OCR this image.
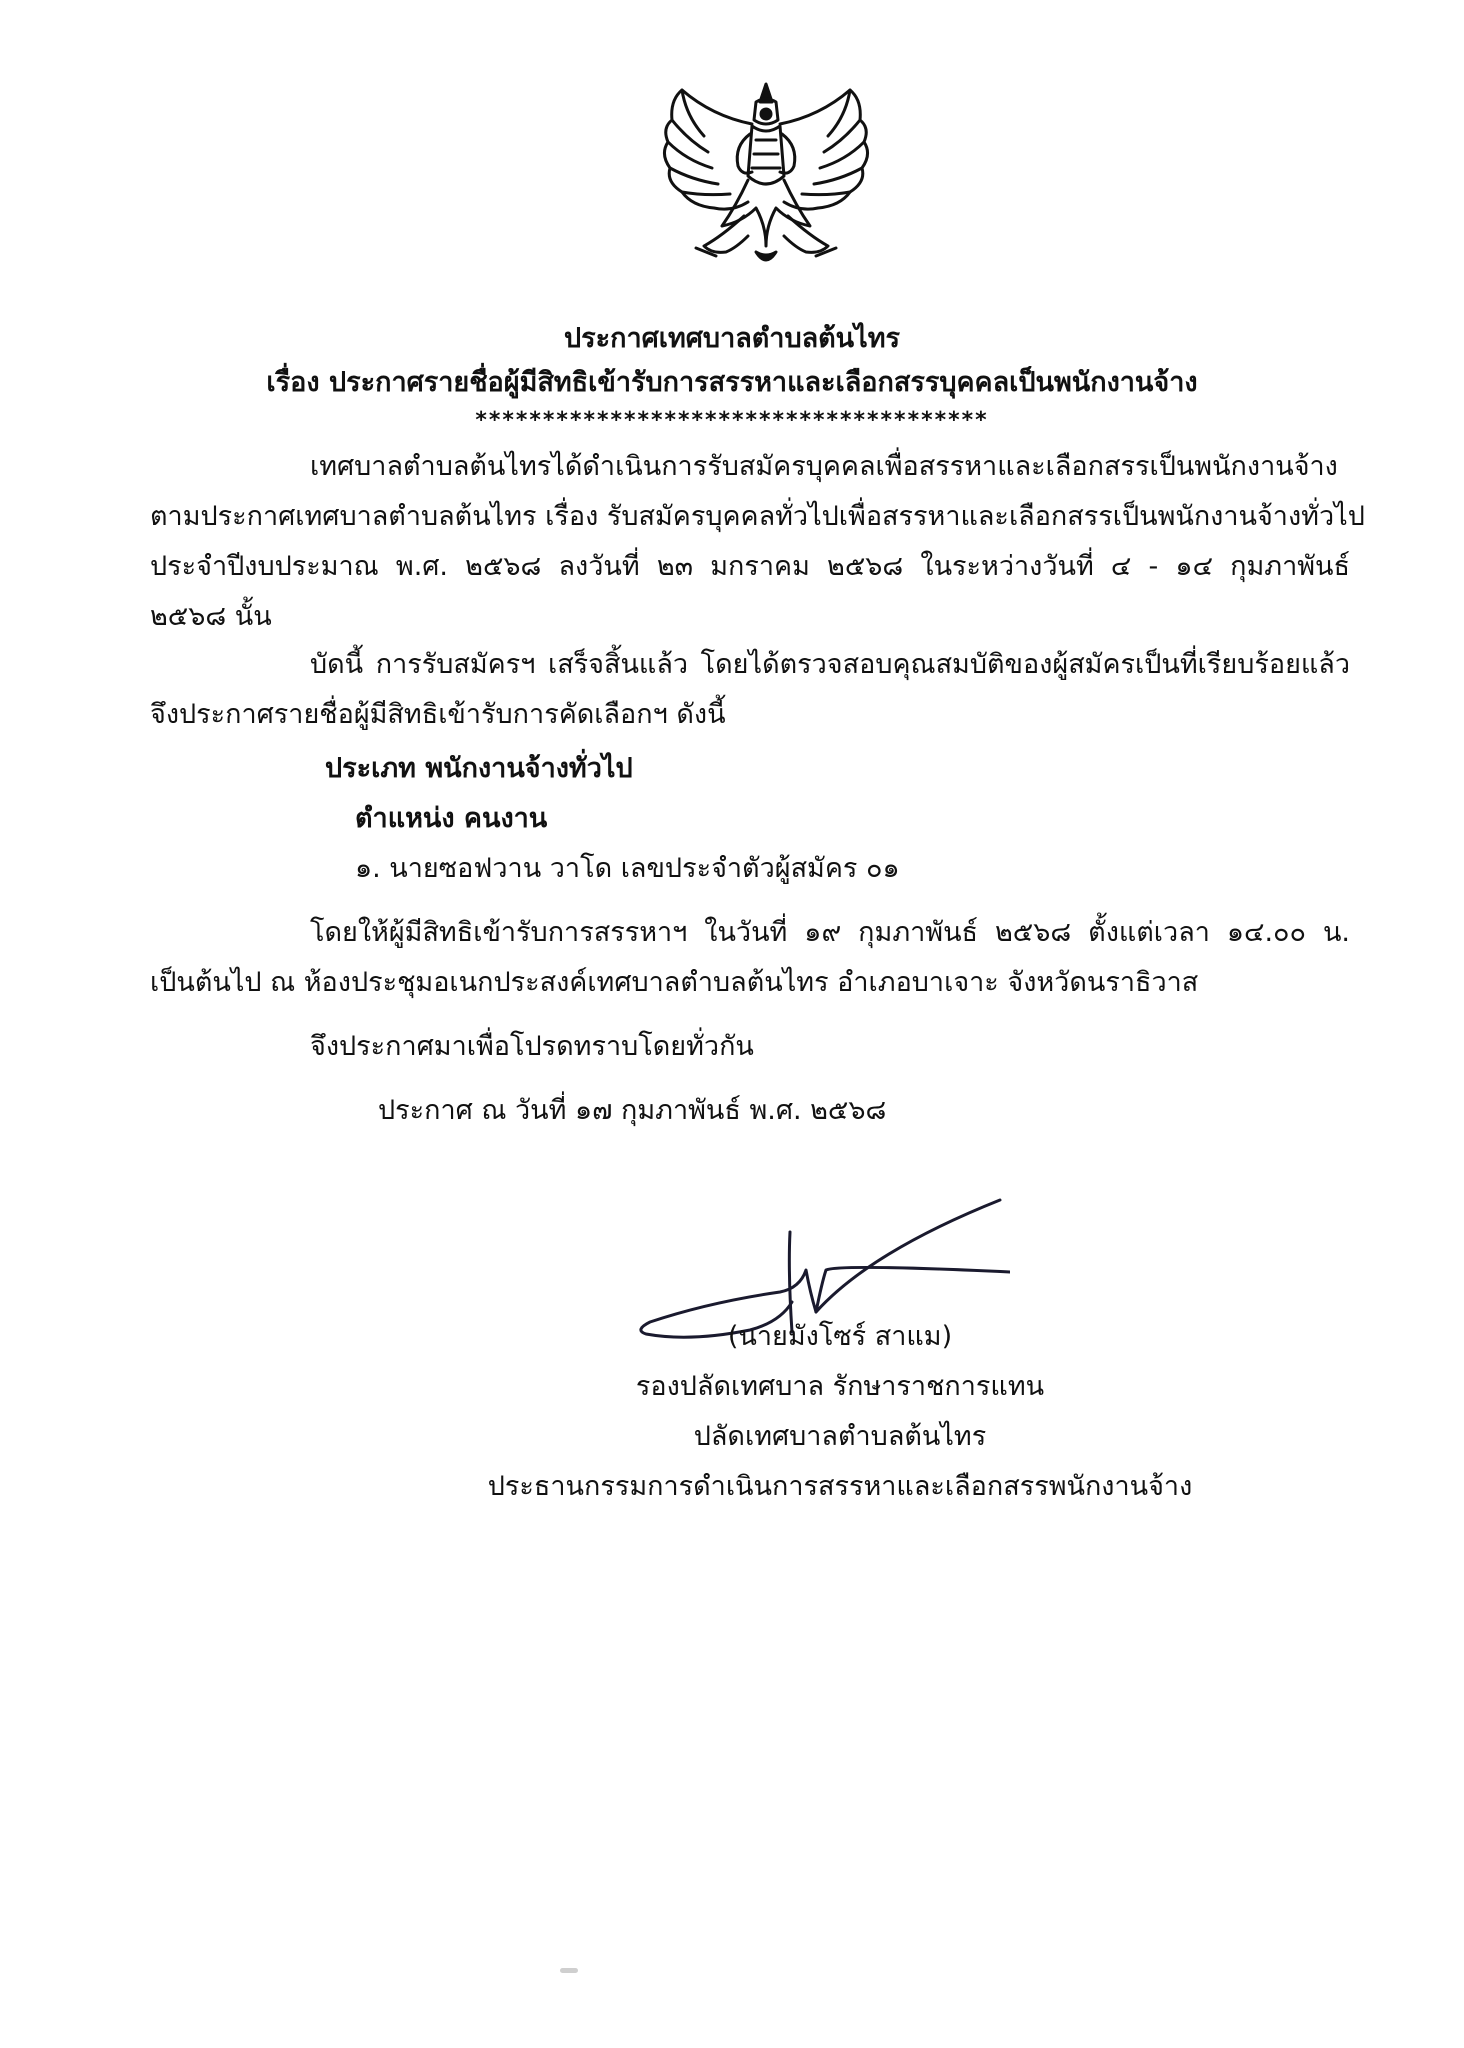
ประกาศเทศบาลตำบลต้นไทร
เรื่อง ประกาศรายชื่อผู้มีสิทธิเข้ารับการสรรหาและเลือกสรรบุคคลเป็นพนักงานจ้าง
**************************************
เทศบาลตำบลต้นไทรได้ดำเนินการรับสมัครบุคคลเพื่อสรรหาและเลือกสรรเป็นพนักงานจ้าง
ตามประกาศเทศบาลตำบลต้นไทร เรื่อง รับสมัครบุคคลทั่วไปเพื่อสรรหาและเลือกสรรเป็นพนักงานจ้างทั่วไป
ประจำปีงบประมาณ พ.ศ. ๒๕๖๘ ลงวันที่ ๒๓ มกราคม ๒๕๖๘ ในระหว่างวันที่ ๔ - ๑๔ กุมภาพันธ์
๒๕๖๘ นั้น
บัดนี้ การรับสมัครฯ เสร็จสิ้นแล้ว โดยได้ตรวจสอบคุณสมบัติของผู้สมัครเป็นที่เรียบร้อยแล้ว
จึงประกาศรายชื่อผู้มีสิทธิเข้ารับการคัดเลือกฯ ดังนี้
ประเภท พนักงานจ้างทั่วไป
ตำแหน่ง คนงาน
๑. นายซอฟวาน วาโด เลขประจำตัวผู้สมัคร ๐๑
โดยให้ผู้มีสิทธิเข้ารับการสรรหาฯ ในวันที่ ๑๙ กุมภาพันธ์ ๒๕๖๘ ตั้งแต่เวลา ๑๔.๐๐ น.
เป็นต้นไป ณ ห้องประชุมอเนกประสงค์เทศบาลตำบลต้นไทร อำเภอบาเจาะ จังหวัดนราธิวาส
จึงประกาศมาเพื่อโปรดทราบโดยทั่วกัน
ประกาศ ณ วันที่ ๑๗ กุมภาพันธ์ พ.ศ. ๒๕๖๘
(นายมังโซร์ สาแม)
รองปลัดเทศบาล รักษาราชการแทน
ปลัดเทศบาลตำบลต้นไทร
ประธานกรรมการดำเนินการสรรหาและเลือกสรรพนักงานจ้าง
